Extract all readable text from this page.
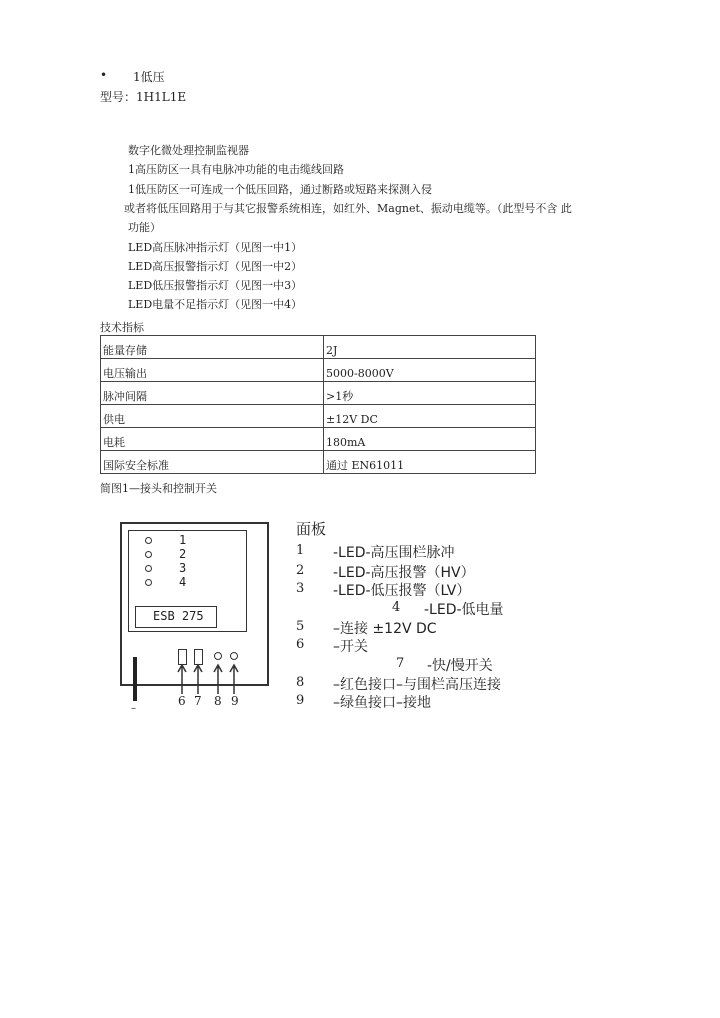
• 1低压
型号：1H1L1E
数字化微处理控制监视器
1高压防区一具有电脉冲功能的电击缆线回路
1低压防区一可连成一个低压回路，通过断路或短路来探测入侵
或者将低压回路用于与其它报警系统相连，如红外、Magnet、振动电缆等。（此型号不含 此
功能）
LED高压脉冲指示灯（见图一中1）
LED高压报警指示灯（见图一中2）
LED低压报警指示灯（见图一中3）
LED电量不足指示灯（见图一中4）
技术指标
能量存储	2J
电压输出	5000-8000V
脉冲间隔	>1秒
供电	±12V DC
电耗	180mA
国际安全标准	通过 EN61011
简图1—接头和控制开关
1
2
3
4
ESB 275
–
6 7 8 9
面板
1 -LED-高压围栏脉冲
2 -LED-高压报警（HV）
3 -LED-低压报警（LV）
4 -LED-低电量
5 –连接 ±12V DC
6 –开关
7 -快/慢开关
8 –红色接口–与围栏高压连接
9 –绿鱼接口–接地
